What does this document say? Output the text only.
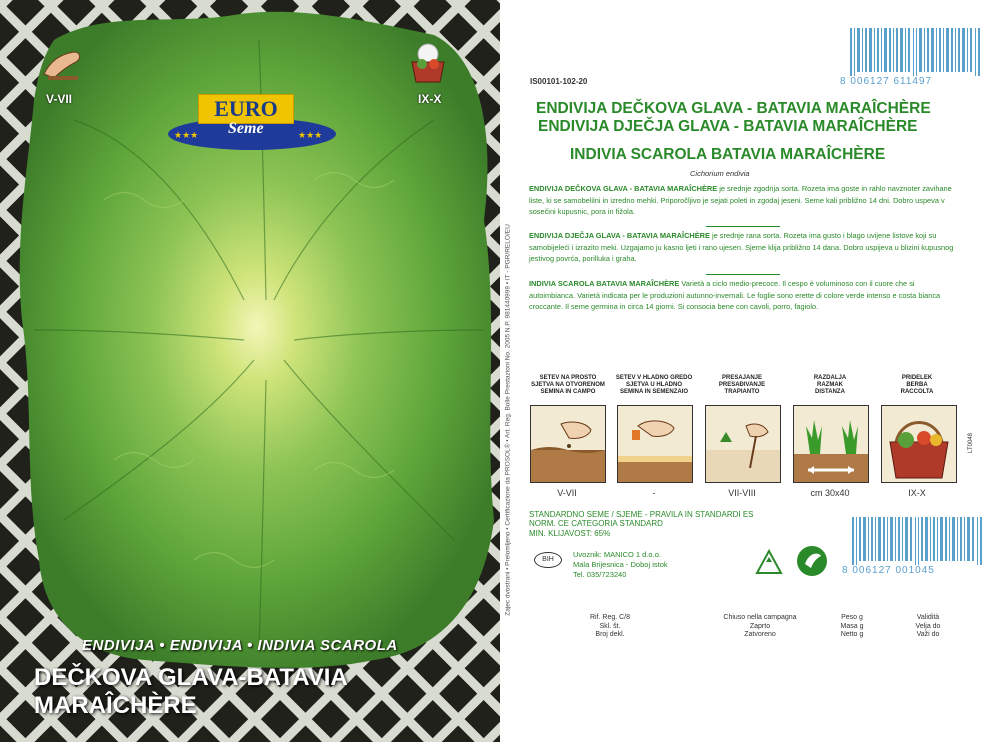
V-VII	IX-X
EURO
Seme
★★★	★★★
ENDIVIJA • ENDIVIJA • INDIVIA SCAROLA
DEČKOVA GLAVA-BATAVIA MARAÎCHÈRE
Zajec dvostrani • Prelomljeno • Certificazione da PROSOL® • Art. Reg. Bolle Prestazioni No. 2005 N.P. 981440999 • IT - PGR/RELO/EU
IS00101-102-20	8 006127 611497
ENDIVIJA DEČKOVA GLAVA - BATAVIA MARAÎCHÈRE
ENDIVIJA DJEČJA GLAVA - BATAVIA MARAÎCHÈRE
INDIVIA SCAROLA BATAVIA MARAÎCHÈRE
Cichorium endivia
ENDIVIJA DEČKOVA GLAVA - BATAVIA MARAÎCHÈRE je srednje zgodnja sorta. Rozeta ima goste in rahlo navznoter zavihane liste, ki se samobelilni in izredno mehki. Priporočljivo je sejati poleti in zgodaj jeseni. Seme kali približno 14 dni. Dobro uspeva v sosečini kupusnic, pora in fižola.
ENDIVIJA DJEČJA GLAVA - BATAVIA MARAÎCHÈRE je srednje rana sorta. Rozeta ima gusto i blago uvijene listove koji su samobijeleći i izrazito meki. Uzgajamo ju kasno ljeti i rano ujesen. Sjeme klija približno 14 dana. Dobro uspijeva u blizini kupusnog jestivog povrća, porilluka i graha.
INDIVIA SCAROLA BATAVIA MARAÎCHÈRE Varietà a ciclo medio-precoce. Il cespo è voluminoso con il cuore che si autoimbianca. Varietà indicata per le produzioni autunno-invernali. Le foglie sono erette di colore verde intenso e costa bianca croccante. Il seme germina in circa 14 giorni. Si consocia bene con cavoli, porro, fagiolo.
SETEV NA PROSTO
SJETVA NA OTVORENOM
SEMINA IN CAMPO
SETEV V HLADNO GREDO
SJETVA U HLADNO
SEMINA IN SEMENZAIO
PRESAJANJE
PRESAĐIVANJE
TRAPIANTO
RAZDALJA
RAZMAK
DISTANZA
PRIDELEK
BERBA
RACCOLTA
V-VII	-	VII-VIII	cm 30x40	IX-X
LT0048
STANDARDNO SEME / SJEME - PRAVILA IN STANDARDI ES
NORM. CE CATEGORIA STANDARD
MIN. KLIJAVOST: 65%
BIH
Uvoznik: MANICO 1 d.o.o.
Mala Brijesnica - Doboj istok
Tel. 035/723240	8 006127 001045
Rif. Reg. C/8
Skl. št.
Broj dekl.
Chiuso nella campagna
Zaprto
Zatvoreno
Peso g
Masa g
Netto g
Validità
Velja do
Važi do
